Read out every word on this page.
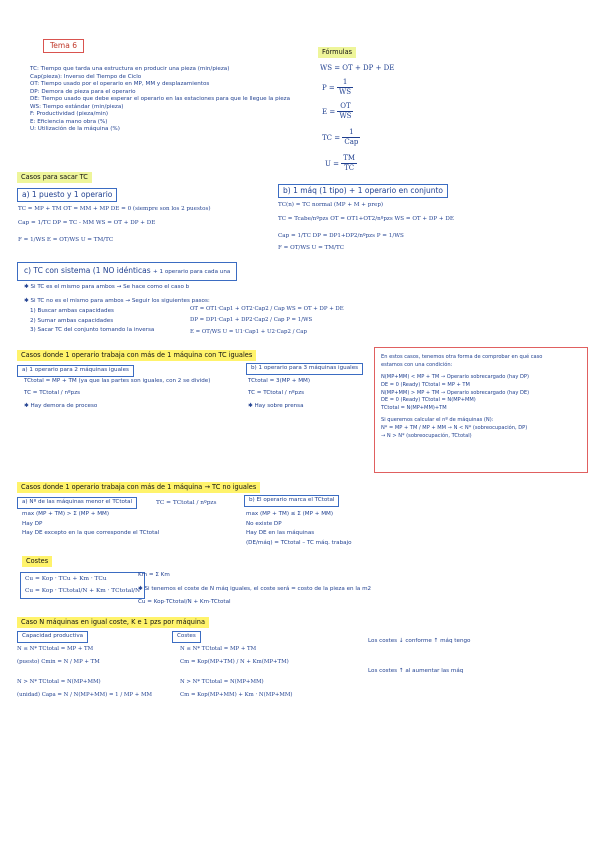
Tema 6
TC: Tiempo que tarda una estructura en producir una pieza (min/pieza)
Cap(pieza): Inverso del Tiempo de Ciclo
OT: Tiempo usado por el operario en MP, MM y desplazamientos
DP: Demora de pieza para el operario
DE: Tiempo usado que debe esperar el operario en las estaciones para que le llegue la pieza
WS: Tiempo estándar (min/pieza)
F: Productividad (pieza/min)
E: Eficiencia mano obra (%)
U: Utilización de la máquina (%)
Fórmulas
WS = OT + DP + DE
$P = \frac{1}{WS}$
$E = \frac{OT}{WS}$
TC = $\frac{1}{\text{Cap}}$
$U = \frac{TM}{TC}$
Casos para sacar TC
a) 1 puesto y 1 operario
TC = MP + TM OT = MM + MP DE = 0 (siempre son los 2 puestos)
Cap = 1/TC DP = TC - MM WS = OT + DP + DE
F = 1/WS E = OT/WS U = TM/TC
b) 1 máq (1 tipo) + 1 operario en conjunto
TC(n) = TC normal (MP + M + prep)
TC = Tcabe/nºpzs OT = OT1+OT2/nºpzs WS = OT + DP + DE
Cap = 1/TC DP = DP1+DP2/nºpzs P = 1/WS
F = OT/WS U = TM/TC
c) TC con sistema (1 NO idénticas + 1 operario para cada una
✱ Si TC es el mismo para ambos → Se hace como el caso b
✱ Si TC no es el mismo para ambos → Seguir los siguientes pasos:
1) Buscar ambas capacidades
2) Sumar ambas capacidades
3) Sacar TC del conjunto tomando la inversa
OT = OT1·Cap1 + OT2·Cap2 / Cap WS = OT + DP + DE
DP = DP1·Cap1 + DP2·Cap2 / Cap P = 1/WS
E = OT/WS U = U1·Cap1 + U2·Cap2 / Cap
Casos donde 1 operario trabaja con más de 1 máquina con TC iguales
a) 1 operario para 2 máquinas iguales
TCtotal = MP + TM (ya que las partes son iguales, con 2 se divide)
TC = TCtotal / nºpzs
✱ Hay demora de proceso
b) 1 operario para 3 máquinas iguales
TCtotal = 3(MP + MM)
TC = TCtotal / nºpzs
✱ Hay sobre prensa
En estos casos, tenemos otra forma de comprobar en qué caso
estamos con una condición:
N(MP+MM) < MP + TM → Operario sobrecargado (hay DP)
DE = 0 (Ready) TCtotal = MP + TM
N(MP+MM) > MP + TM → Operario sobrecargado (hay DE)
DE = 0 (Ready) TCtotal = N(MP+MM)
TCtotal = N(MP+MM)+TM
Si queremos calcular el nº de máquinas (N):
N* = MP + TM / MP + MM → N < N* (sobreocupación, DP)
→ N > N* (sobreocupación, TCtotal)
Casos donde 1 operario trabaja con más de 1 máquina → TC no iguales
a) Nº de las máquinas menor el TCtotal
max (MP + TM) > Σ (MP + MM)
Hay DP
Hay DE excepto en la que corresponde el TCtotal
TC = TCtotal / nºpzs	b) El operario marca el TCtotal
max (MP + TM) ≤ Σ (MP + MM)
No existe DP
Hay DE en las máquinas
(DE/máq) = TCtotal – TC máq. trabajo
Costes
Cu = Kop · TCu + Km · TCu
Cu = Kop · TCtotal/N + Km · TCtotal/N
Km = Σ Km
✱ Si tenemos el coste de N máq iguales, el coste será = costo de la pieza en la m2
Cu = Kop·TCtotal/N + Km·TCtotal
Caso N máquinas en igual coste, K e 1 pzs por máquina
Capacidad productiva
N ≤ N* TCtotal = MP + TM
(puesto) Cmin = N / MP + TM
N > N* TCtotal = N(MP+MM)
(unidad) Capa = N / N(MP+MM) = 1 / MP + MM
Costes
N ≤ N* TCtotal = MP + TM
Cm = Kop(MP+TM) / N + Km(MP+TM)
N > N* TCtotal = N(MP+MM)
Cm = Kop(MP+MM) + Km · N(MP+MM)
Los costes ↓ conforme ↑ máq tengo
Los costes ↑ al aumentar las máq
